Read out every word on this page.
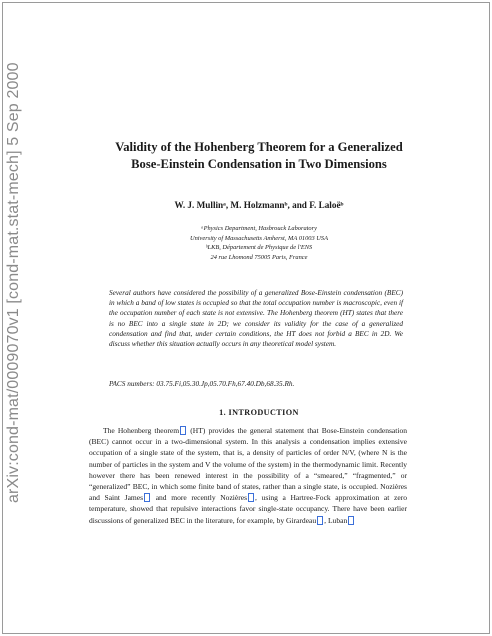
arXiv:cond-mat/0009070v1 [cond-mat.stat-mech] 5 Sep 2000	Validity of the Hohenberg Theorem for a Generalized Bose-Einstein Condensation in Two Dimensions
W. J. Mullinᵃ, M. Holzmannᵇ, and F. Laloëᵇ
ᵃPhysics Department, Hasbrouck Laboratory
University of Massachusetts Amherst, MA 01003 USA
ᵇLKB, Département de Physique de l'ENS
24 rue Lhomond 75005 Paris, France
Several authors have considered the possibility of a generalized Bose-Einstein condensation (BEC) in which a band of low states is occupied so that the total occupation number is macroscopic, even if the occupation number of each state is not extensive. The Hohenberg theorem (HT) states that there is no BEC into a single state in 2D; we consider its validity for the case of a generalized condensation and find that, under certain conditions, the HT does not forbid a BEC in 2D. We discuss whether this situation actually occurs in any theoretical model system.
PACS numbers: 03.75.Fi,05.30.Jp,05.70.Fh,67.40.Db,68.35.Rh.
1. INTRODUCTION
The Hohenberg theorem (HT) provides the general statement that Bose-Einstein condensation (BEC) cannot occur in a two-dimensional system. In this analysis a condensation implies extensive occupation of a single state of the system, that is, a density of particles of order N/V, (where N is the number of particles in the system and V the volume of the system) in the thermodynamic limit. Recently however there has been renewed interest in the possibility of a “smeared,” “fragmented,” or “generalized” BEC, in which some finite band of states, rather than a single state, is occupied. Nozières and Saint James and more recently Nozières , using a Hartree-Fock approximation at zero temperature, showed that repulsive interactions favor single-state occupancy. There have been earlier discussions of generalized BEC in the literature, for example, by Girardeau , Luban
